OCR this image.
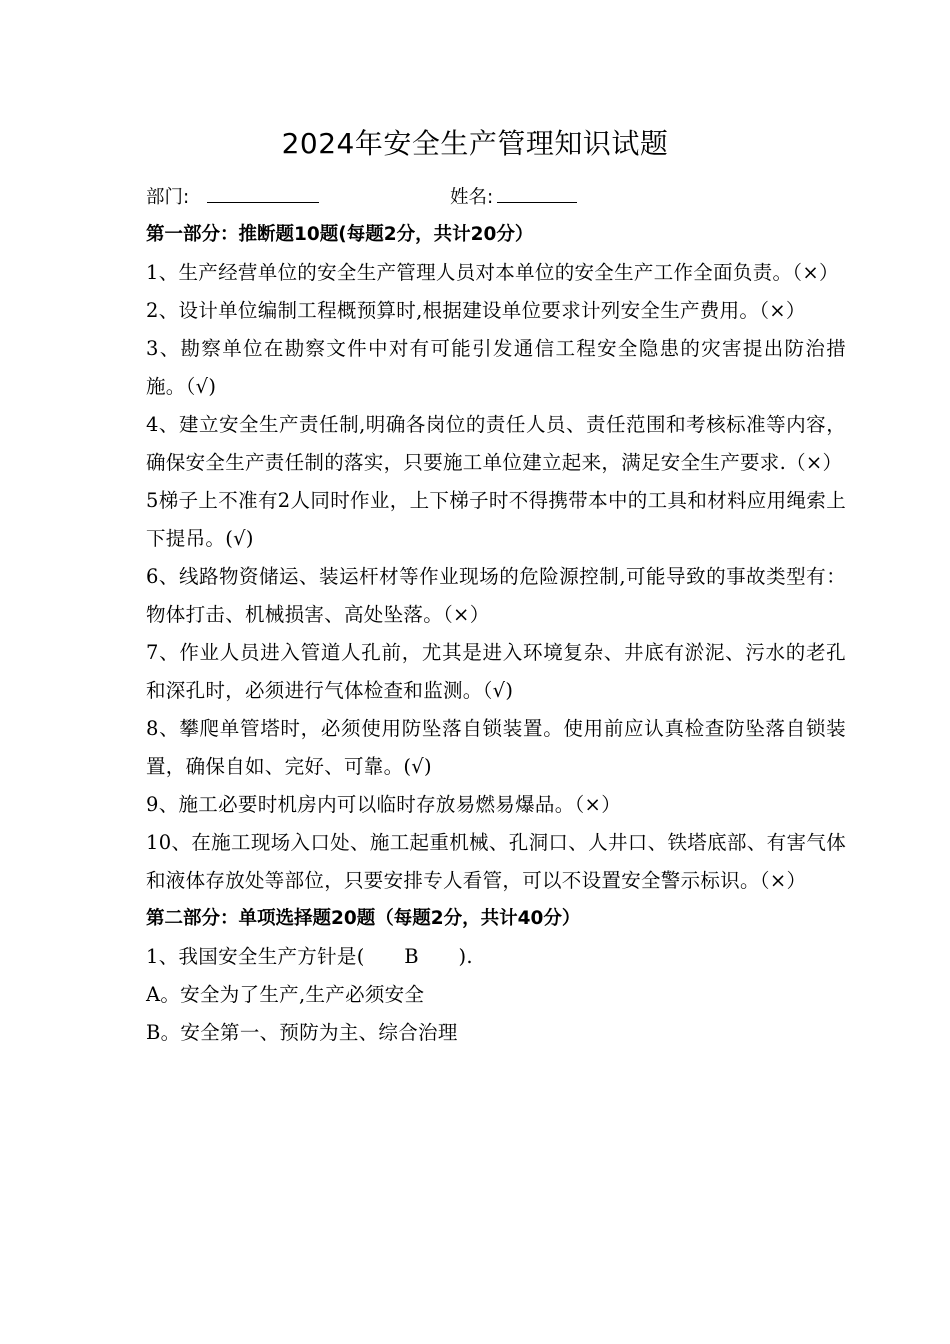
2024年安全生产管理知识试题
部门:	姓名:
第一部分：推断题10题(每题2分，共计20分）
1、生产经营单位的安全生产管理人员对本单位的安全生产工作全面负责。（×）
2、设计单位编制工程概预算时,根据建设单位要求计列安全生产费用。（×）
3、勘察单位在勘察文件中对有可能引发通信工程安全隐患的灾害提出防治措施。（√)
4、建立安全生产责任制,明确各岗位的责任人员、责任范围和考核标准等内容，确保安全生产责任制的落实，只要施工单位建立起来，满足安全生产要求.（×）
5梯子上不准有2人同时作业，上下梯子时不得携带本中的工具和材料应用绳索上下提吊。(√)
6、线路物资储运、装运杆材等作业现场的危险源控制,可能导致的事故类型有：物体打击、机械损害、高处坠落。（×）
7、作业人员进入管道人孔前，尤其是进入环境复杂、井底有淤泥、污水的老孔和深孔时，必须进行气体检查和监测。（√)
8、攀爬单管塔时，必须使用防坠落自锁装置。使用前应认真检查防坠落自锁装置，确保自如、完好、可靠。(√)
9、施工必要时机房内可以临时存放易燃易爆品。（×）
10、在施工现场入口处、施工起重机械、孔洞口、人井口、铁塔底部、有害气体和液体存放处等部位，只要安排专人看管，可以不设置安全警示标识。（×）
第二部分：单项选择题20题（每题2分，共计40分）
1、我国安全生产方针是(　　B　　).
A。安全为了生产,生产必须安全
B。安全第一、预防为主、综合治理
